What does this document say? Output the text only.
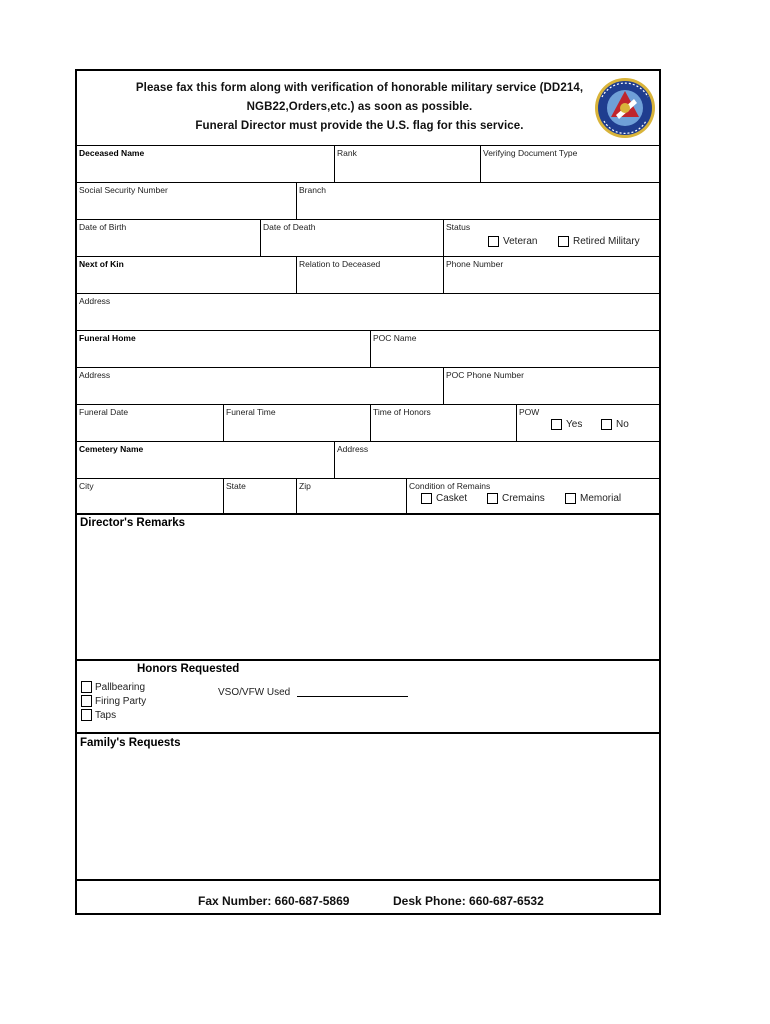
Please fax this form along with verification of honorable military service (DD214,
NGB22,Orders,etc.) as soon as possible.
Funeral Director must provide the U.S. flag for this service.
Deceased Name	Rank	Verifying Document Type
Social Security Number	Branch
Date of Birth	Date of Death	Status
Veteran	Retired Military
Next of Kin	Relation to Deceased	Phone Number
Address
Funeral Home	POC Name
Address	POC Phone Number
Funeral Date	Funeral Time	Time of Honors	POW
Yes	No
Cemetery Name	Address
City	State	Zip	Condition of Remains
Casket	Cremains	Memorial
Director's Remarks
Honors Requested
Pallbearing
Firing Party
Taps
VSO/VFW Used
Family's Requests
Fax Number: 660-687-5869	Desk Phone: 660-687-6532
